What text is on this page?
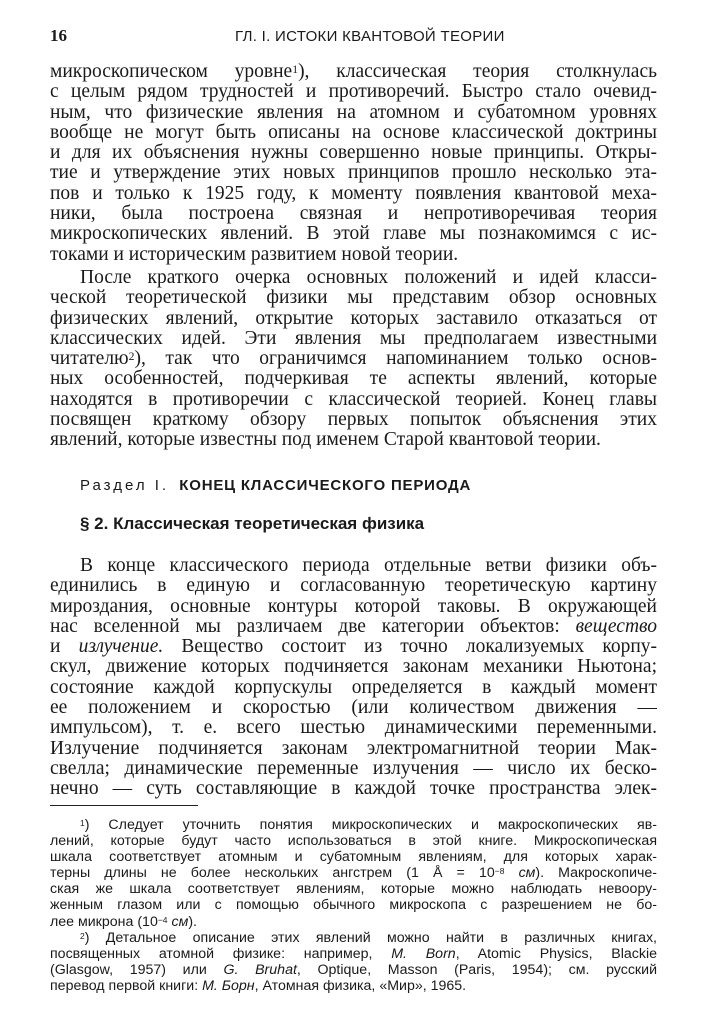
16	ГЛ. I. ИСТОКИ КВАНТОВОЙ ТЕОРИИ
микроскопическом уровне$^1$), классическая теория столкнулась
с целым рядом трудностей и противоречий. Быстро стало очевид-
ным, что физические явления на атомном и субатомном уровнях
вообще не могут быть описаны на основе классической доктрины
и для их объяснения нужны совершенно новые принципы. Откры-
тие и утверждение этих новых принципов прошло несколько эта-
пов и только к 1925 году, к моменту появления квантовой меха-
ники, была построена связная и непротиворечивая теория
микроскопических явлений. В этой главе мы познакомимся с ис-
токами и историческим развитием новой теории.
После краткого очерка основных положений и идей класси-
ческой теоретической физики мы представим обзор основных
физических явлений, открытие которых заставило отказаться от
классических идей. Эти явления мы предполагаем известными
читателю$^2$), так что ограничимся напоминанием только основ-
ных особенностей, подчеркивая те аспекты явлений, которые
находятся в противоречии с классической теорией. Конец главы
посвящен краткому обзору первых попыток объяснения этих
явлений, которые известны под именем Старой квантовой теории.
Раздел I. КОНЕЦ КЛАССИЧЕСКОГО ПЕРИОДА
§ 2. Классическая теоретическая физика
В конце классического периода отдельные ветви физики объ-
единились в единую и согласованную теоретическую картину
мироздания, основные контуры которой таковы. В окружающей
нас вселенной мы различаем две категории объектов: вещество
и излучение. Вещество состоит из точно локализуемых корпу-
скул, движение которых подчиняется законам механики Ньютона;
состояние каждой корпускулы определяется в каждый момент
ее положением и скоростью (или количеством движения —
импульсом), т. е. всего шестью динамическими переменными.
Излучение подчиняется законам электромагнитной теории Мак-
свелла; динамические переменные излучения — число их беско-
нечно — суть составляющие в каждой точке пространства элек-
$^1$) Следует уточнить понятия микроскопических и макроскопических яв-
лений, которые будут часто использоваться в этой книге. Микроскопическая
шкала соответствует атомным и субатомным явлениям, для которых харак-
терны длины не более нескольких ангстрем (1 Å = $10^{-8}$ см). Макроскопиче-
ская же шкала соответствует явлениям, которые можно наблюдать невоору-
женным глазом или с помощью обычного микроскопа с разрешением не бо-
лее микрона ($10^{-4}$ см).
$^2$) Детальное описание этих явлений можно найти в различных книгах,
посвященных атомной физике: например, M. Born, Atomic Physics, Blackie
(Glasgow, 1957) или G. Bruhat, Optique, Masson (Paris, 1954); см. русский
перевод первой книги: М. Борн, Атомная физика, «Мир», 1965.
